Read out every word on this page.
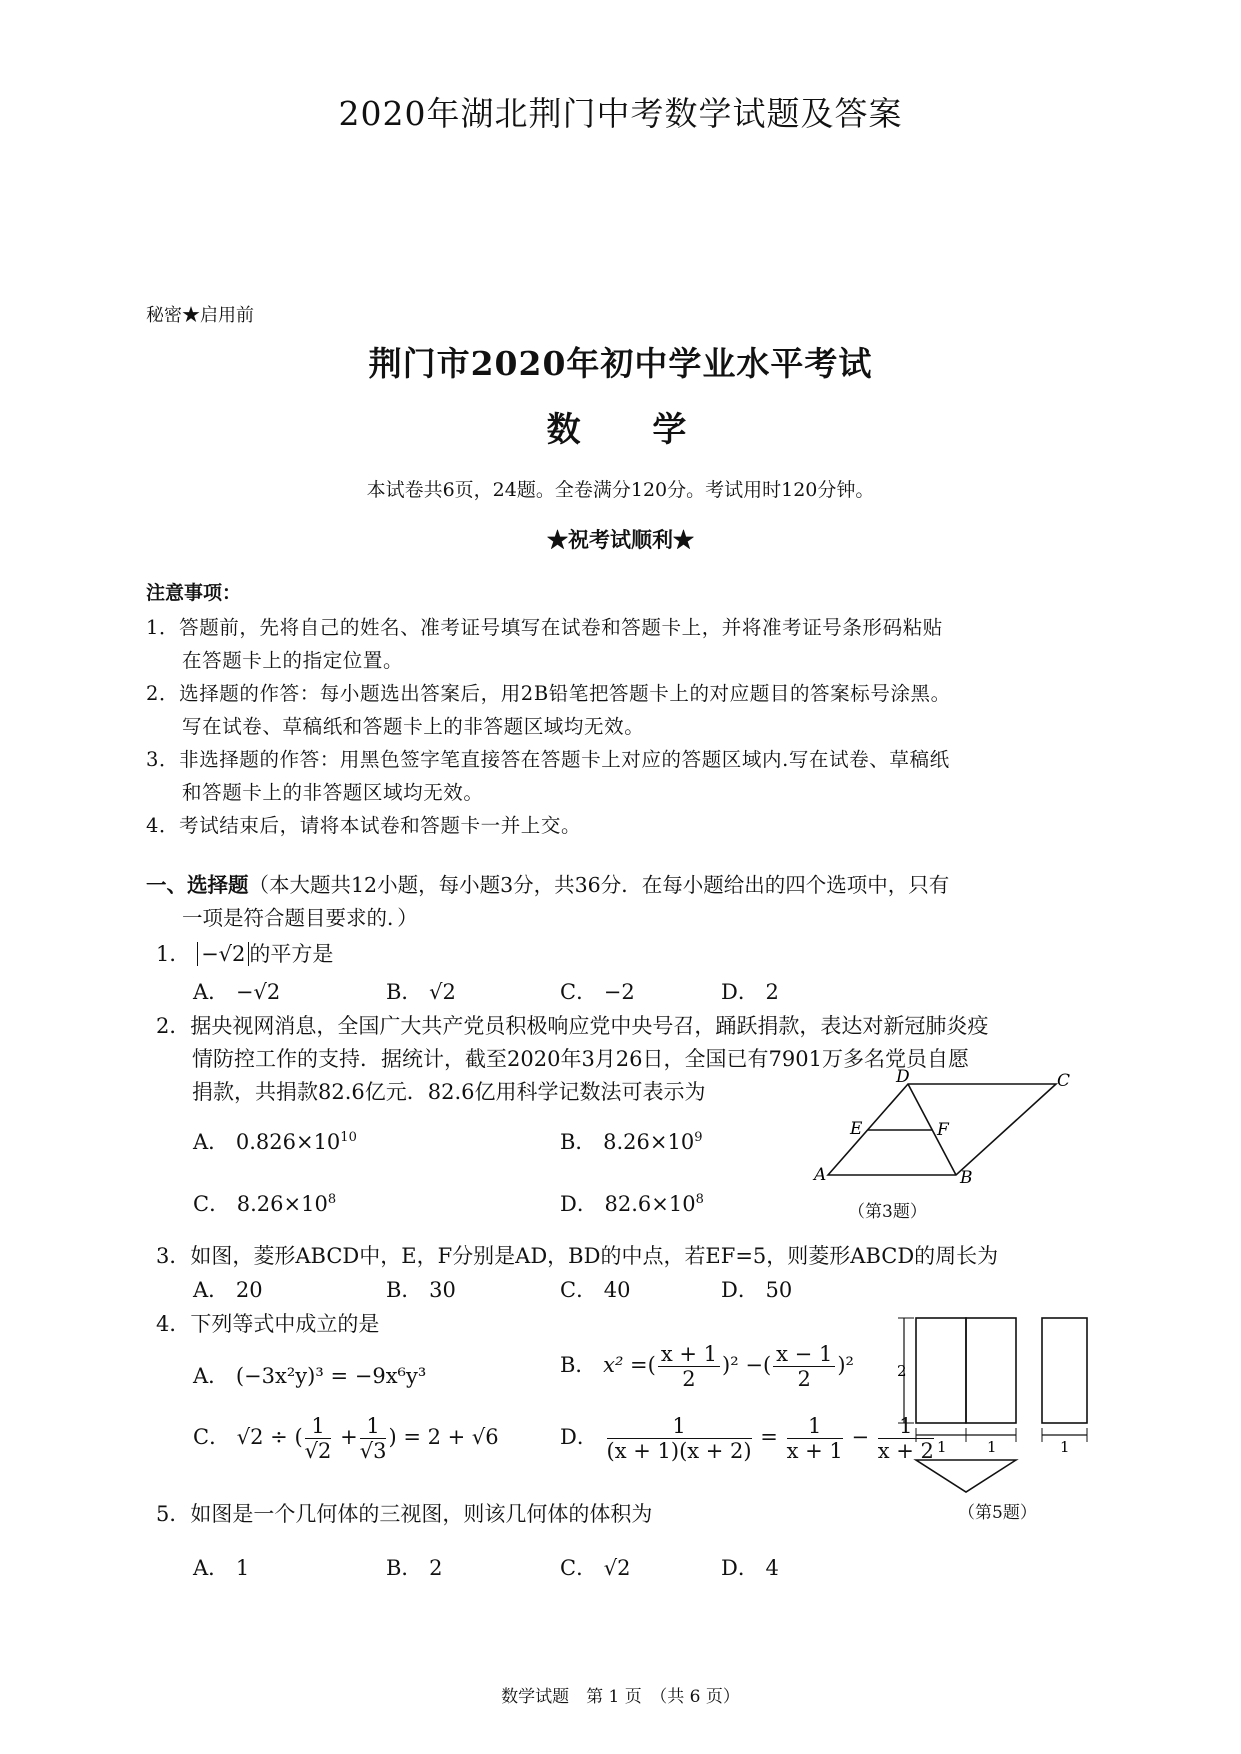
2020年湖北荆门中考数学试题及答案
秘密★启用前
荆门市2020年初中学业水平考试
数 学
本试卷共6页，24题。全卷满分120分。考试用时120分钟。
★祝考试顺利★
注意事项：
1．答题前，先将自己的姓名、准考证号填写在试卷和答题卡上，并将准考证号条形码粘贴
在答题卡上的指定位置。
2．选择题的作答：每小题选出答案后，用2B铅笔把答题卡上的对应题目的答案标号涂黑。
写在试卷、草稿纸和答题卡上的非答题区域均无效。
3．非选择题的作答：用黑色签字笔直接答在答题卡上对应的答题区域内.写在试卷、草稿纸
和答题卡上的非答题区域均无效。
4．考试结束后，请将本试卷和答题卡一并上交。
一、选择题（本大题共12小题，每小题3分，共36分．在每小题给出的四个选项中，只有
一项是符合题目要求的．）
1． −√2 的平方是
A． −√2	B． √2	C． −2	D． 2
2．据央视网消息，全国广大共产党员积极响应党中央号召，踊跃捐款，表达对新冠肺炎疫
情防控工作的支持．据统计，截至2020年3月26日，全国已有7901万多名党员自愿
捐款，共捐款82.6亿元．82.6亿用科学记数法可表示为
A． $0.826\times 10^{10}$	B． $8.26\times 10^9$
C． $8.26\times 10^8$	D． $82.6\times 10^8$
A	B
C
D
E	F
（第3题）
3．如图，菱形ABCD中，E，F分别是AD，BD的中点，若EF=5，则菱形ABCD的周长为
A． 20	B． 30	C． 40	D． 50
4．下列等式中成立的是
A． (−3x²y)³ = −9x⁶y³	B． x² =( $\frac{x + 1}{2} )^2$ −( $\frac{x - 1}{2} )^2$
C． √2 ÷ ( $\frac{1}{√2} + \frac{1}{√3}$ ) = 2 + √6	D． $\frac{1}{(x + 1)(x + 2)} = \frac{1}{x + 1} - \frac{1}{x + 2}$
2
1	1	1
（第5题）
5．如图是一个几何体的三视图，则该几何体的体积为
A． 1	B． 2	C． √2	D． 4
数学试题　第 1 页　（共 6 页）
